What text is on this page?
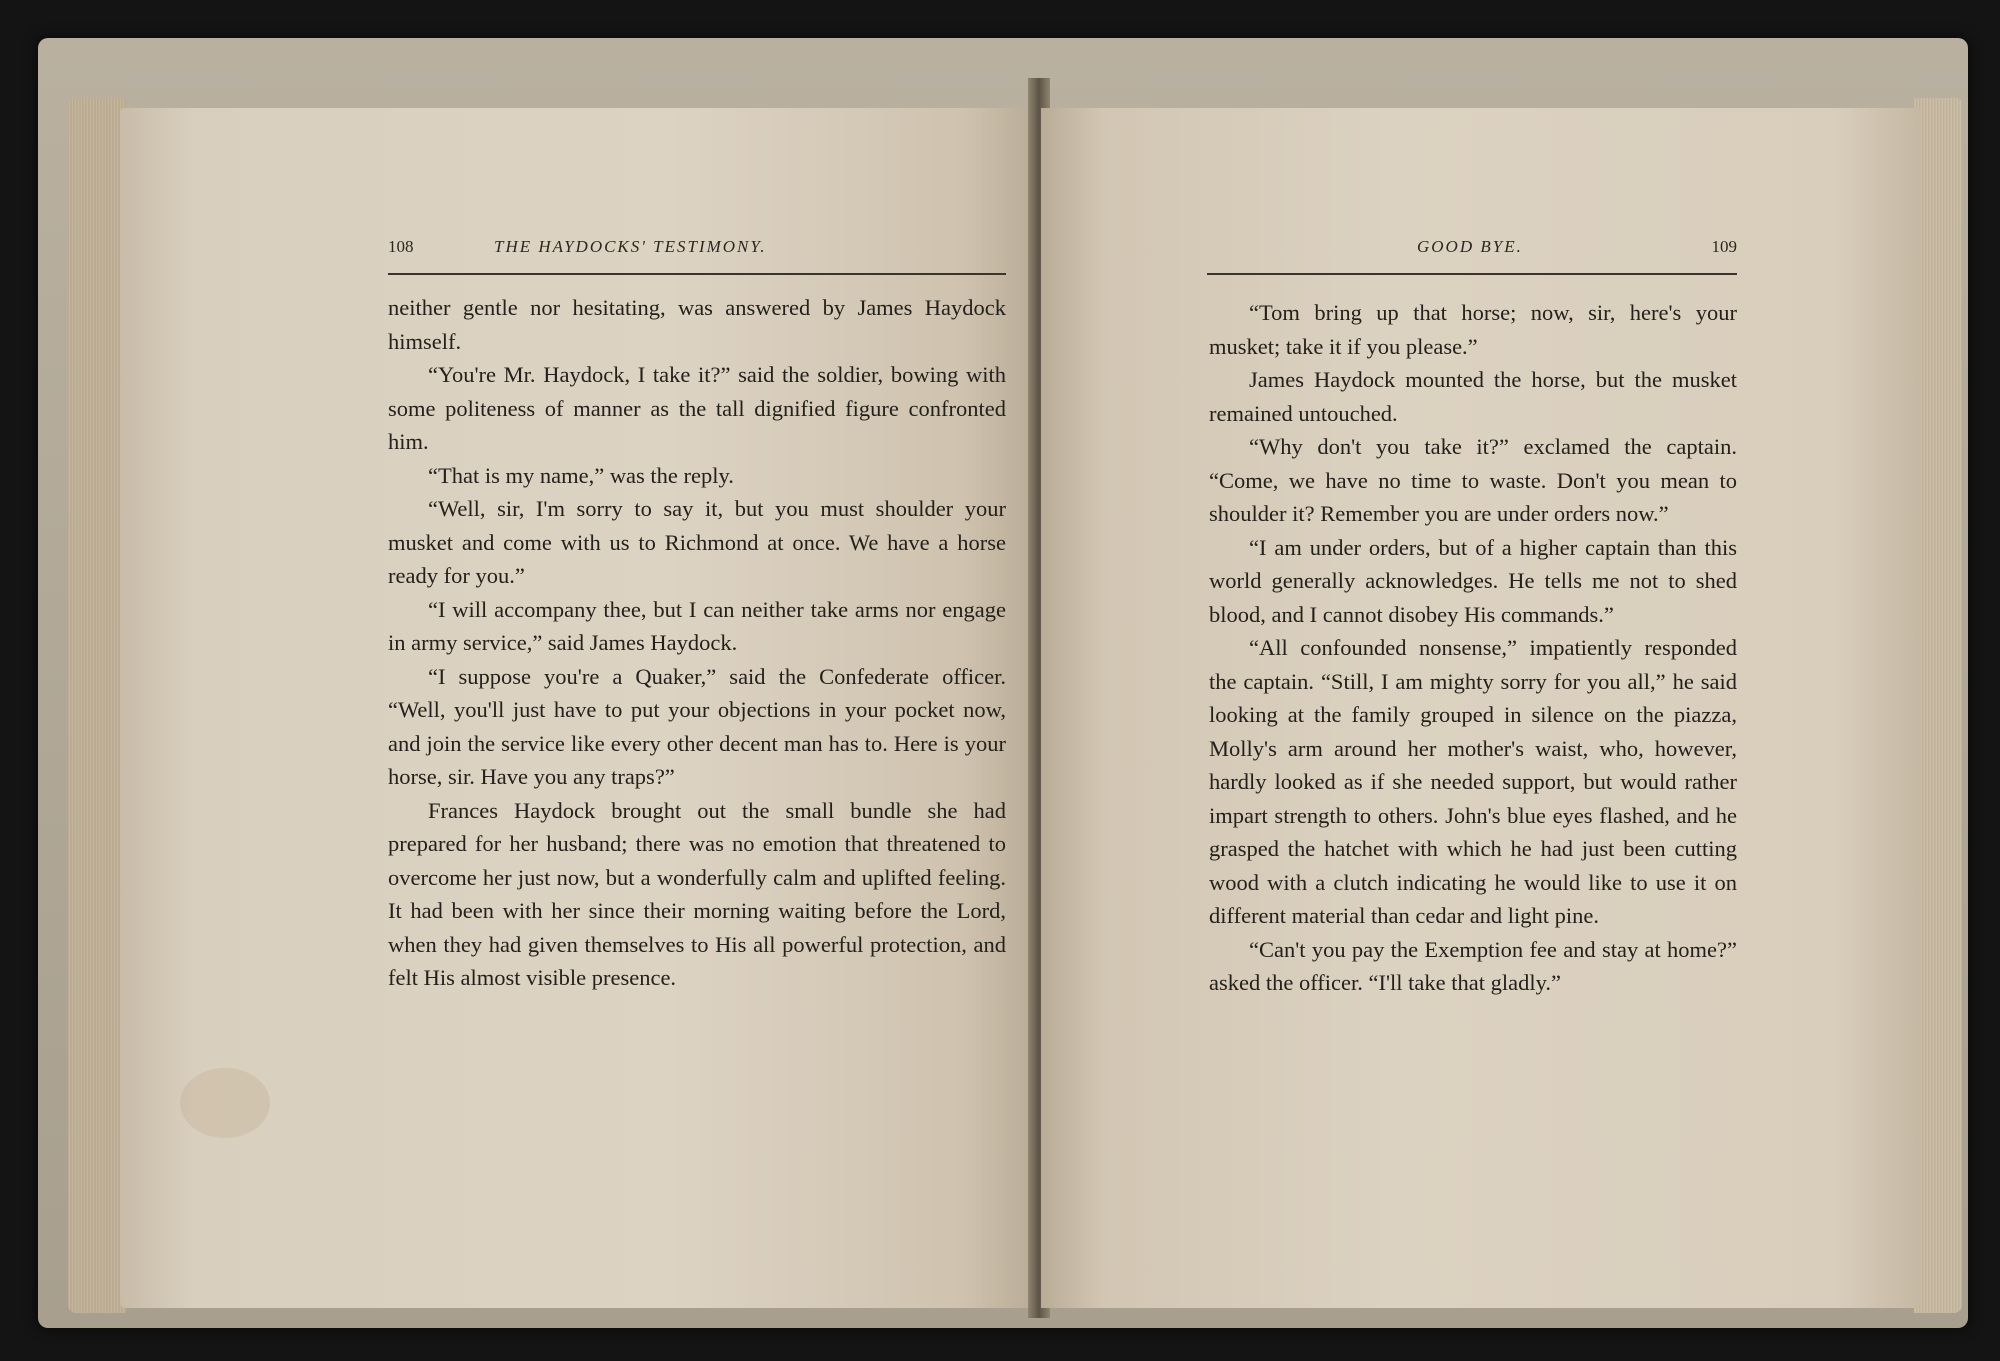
108	THE HAYDOCKS' TESTIMONY.

neither gentle nor hesitating, was answered by James Haydock himself.

“You're Mr. Haydock, I take it?” said the soldier, bowing with some politeness of manner as the tall dignified figure confronted him.

“That is my name,” was the reply.

“Well, sir, I'm sorry to say it, but you must shoulder your musket and come with us to Richmond at once. We have a horse ready for you.”

“I will accompany thee, but I can neither take arms nor engage in army service,” said James Haydock.

“I suppose you're a Quaker,” said the Confederate officer. “Well, you'll just have to put your objections in your pocket now, and join the service like every other decent man has to. Here is your horse, sir. Have you any traps?”

Frances Haydock brought out the small bundle she had prepared for her husband; there was no emotion that threatened to overcome her just now, but a wonderfully calm and uplifted feeling. It had been with her since their morning waiting before the Lord, when they had given themselves to His all powerful protection, and felt His almost visible presence.

GOOD BYE.	109

“Tom bring up that horse; now, sir, here's your musket; take it if you please.”

James Haydock mounted the horse, but the musket remained untouched.

“Why don't you take it?” exclamed the captain. “Come, we have no time to waste. Don't you mean to shoulder it? Remember you are under orders now.”

“I am under orders, but of a higher captain than this world generally acknowledges. He tells me not to shed blood, and I cannot disobey His commands.”

“All confounded nonsense,” impatiently responded the captain. “Still, I am mighty sorry for you all,” he said looking at the family grouped in silence on the piazza, Molly's arm around her mother's waist, who, however, hardly looked as if she needed support, but would rather impart strength to others. John's blue eyes flashed, and he grasped the hatchet with which he had just been cutting wood with a clutch indicating he would like to use it on different material than cedar and light pine.

“Can't you pay the Exemption fee and stay at home?” asked the officer. “I'll take that gladly.”
